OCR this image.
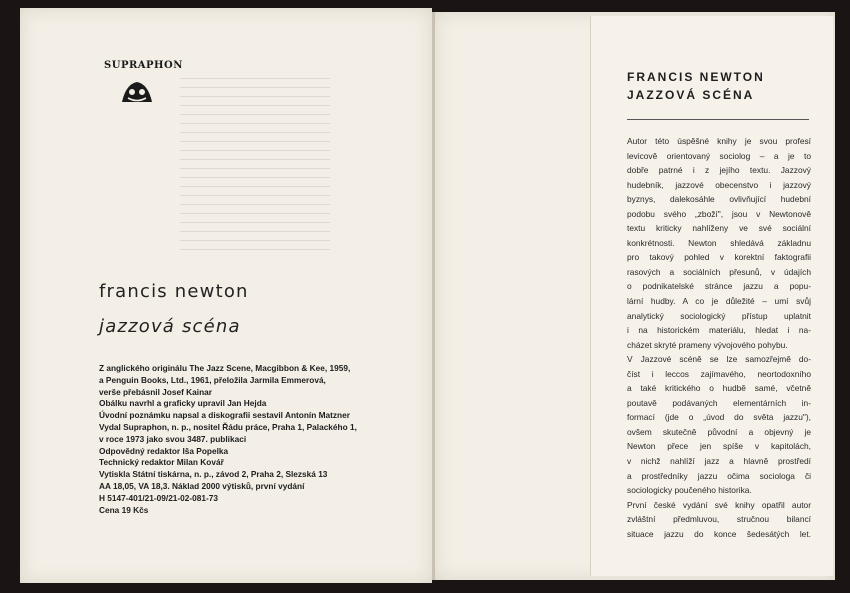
SUPRAPHON
francis newton
jazzová scéna
Z anglického originálu The Jazz Scene, Macgibbon & Kee, 1959,
a Penguin Books, Ltd., 1961, přeložila Jarmila Emmerová,
verše přebásnil Josef Kainar
Obálku navrhl a graficky upravil Jan Hejda
Úvodní poznámku napsal a diskografii sestavil Antonín Matzner
Vydal Supraphon, n. p., nositel Řádu práce, Praha 1, Palackého 1,
v roce 1973 jako svou 3487. publikaci
Odpovědný redaktor Iša Popelka
Technický redaktor Milan Kovář
Vytiskla Státní tiskárna, n. p., závod 2, Praha 2, Slezská 13
AA 18,05, VA 18,3. Náklad 2000 výtisků, první vydání
H 5147-401/21-09/21-02-081-73
Cena 19 Kčs
FRANCIS NEWTON
JAZZOVÁ SCÉNA
Autor této úspěšné knihy je svou profesí
levicově orientovaný sociolog – a je to
dobře patrné i z jejího textu. Jazzový
hudebník, jazzové obecenstvo i jazzový
byznys, dalekosáhle ovlivňující hudební
podobu svého „zboží", jsou v Newtonově
textu kriticky nahlíženy ve své sociální
konkrétnosti. Newton shledává základnu
pro takový pohled v korektní faktografii
rasových a sociálních přesunů, v údajích
o podnikatelské stránce jazzu a popu-
lární hudby. A co je důležité – umí svůj
analytický sociologický přístup uplatnit
i na historickém materiálu, hledat i na-
cházet skryté prameny vývojového pohybu.
V Jazzové scéně se lze samozřejmě do-
číst i leccos zajímavého, neortodoxního
a také kritického o hudbě samé, včetně
poutavě podávaných elementárních in-
formací (jde o „úvod do světa jazzu"),
ovšem skutečně původní a objevný je
Newton přece jen spíše v kapitolách,
v nichž nahlíží jazz a hlavně prostředí
a prostředníky jazzu očima sociologa či
sociologicky poučeného historika.
První české vydání své knihy opatřil autor
zvláštní předmluvou, stručnou bilancí
situace jazzu do konce šedesátých let.
